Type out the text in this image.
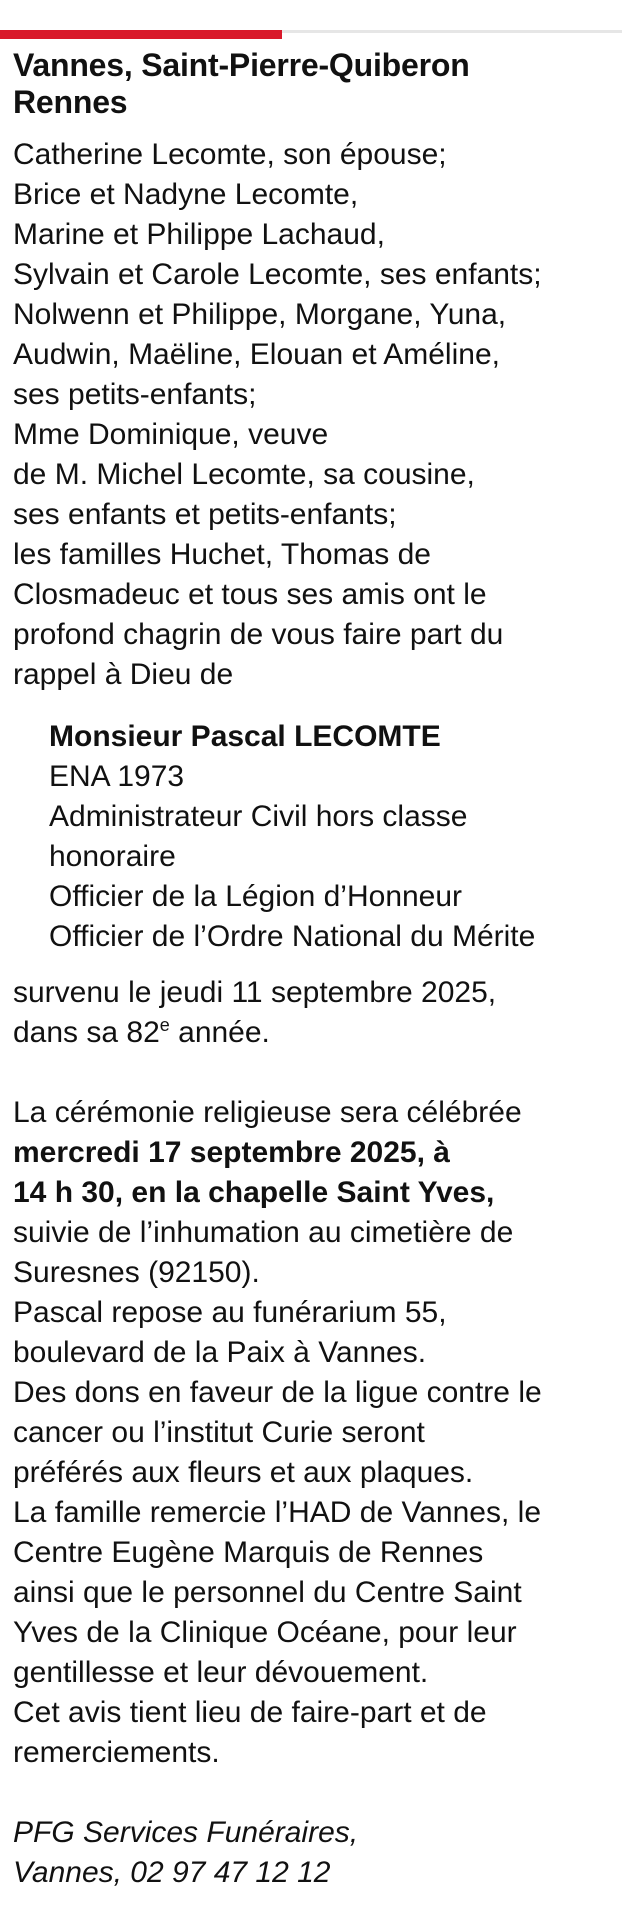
Vannes, Saint-Pierre-Quiberon
Rennes
Catherine Lecomte, son épouse;
Brice et Nadyne Lecomte,
Marine et Philippe Lachaud,
Sylvain et Carole Lecomte, ses enfants;
Nolwenn et Philippe, Morgane, Yuna,
Audwin, Maëline, Elouan et Améline,
ses petits-enfants;
Mme Dominique, veuve
de M. Michel Lecomte, sa cousine,
ses enfants et petits-enfants;
les familles Huchet, Thomas de
Closmadeuc et tous ses amis ont le
profond chagrin de vous faire part du
rappel à Dieu de
Monsieur Pascal LECOMTE
ENA 1973
Administrateur Civil hors classe
honoraire
Officier de la Légion d’Honneur
Officier de l’Ordre National du Mérite
survenu le jeudi 11 septembre 2025,
dans sa 82e année.
La cérémonie religieuse sera célébrée
mercredi 17 septembre 2025, à
14 h 30, en la chapelle Saint Yves,
suivie de l’inhumation au cimetière de
Suresnes (92150).
Pascal repose au funérarium 55,
boulevard de la Paix à Vannes.
Des dons en faveur de la ligue contre le
cancer ou l’institut Curie seront
préférés aux fleurs et aux plaques.
La famille remercie l’HAD de Vannes, le
Centre Eugène Marquis de Rennes
ainsi que le personnel du Centre Saint
Yves de la Clinique Océane, pour leur
gentillesse et leur dévouement.
Cet avis tient lieu de faire-part et de
remerciements.
PFG Services Funéraires,
Vannes, 02 97 47 12 12
